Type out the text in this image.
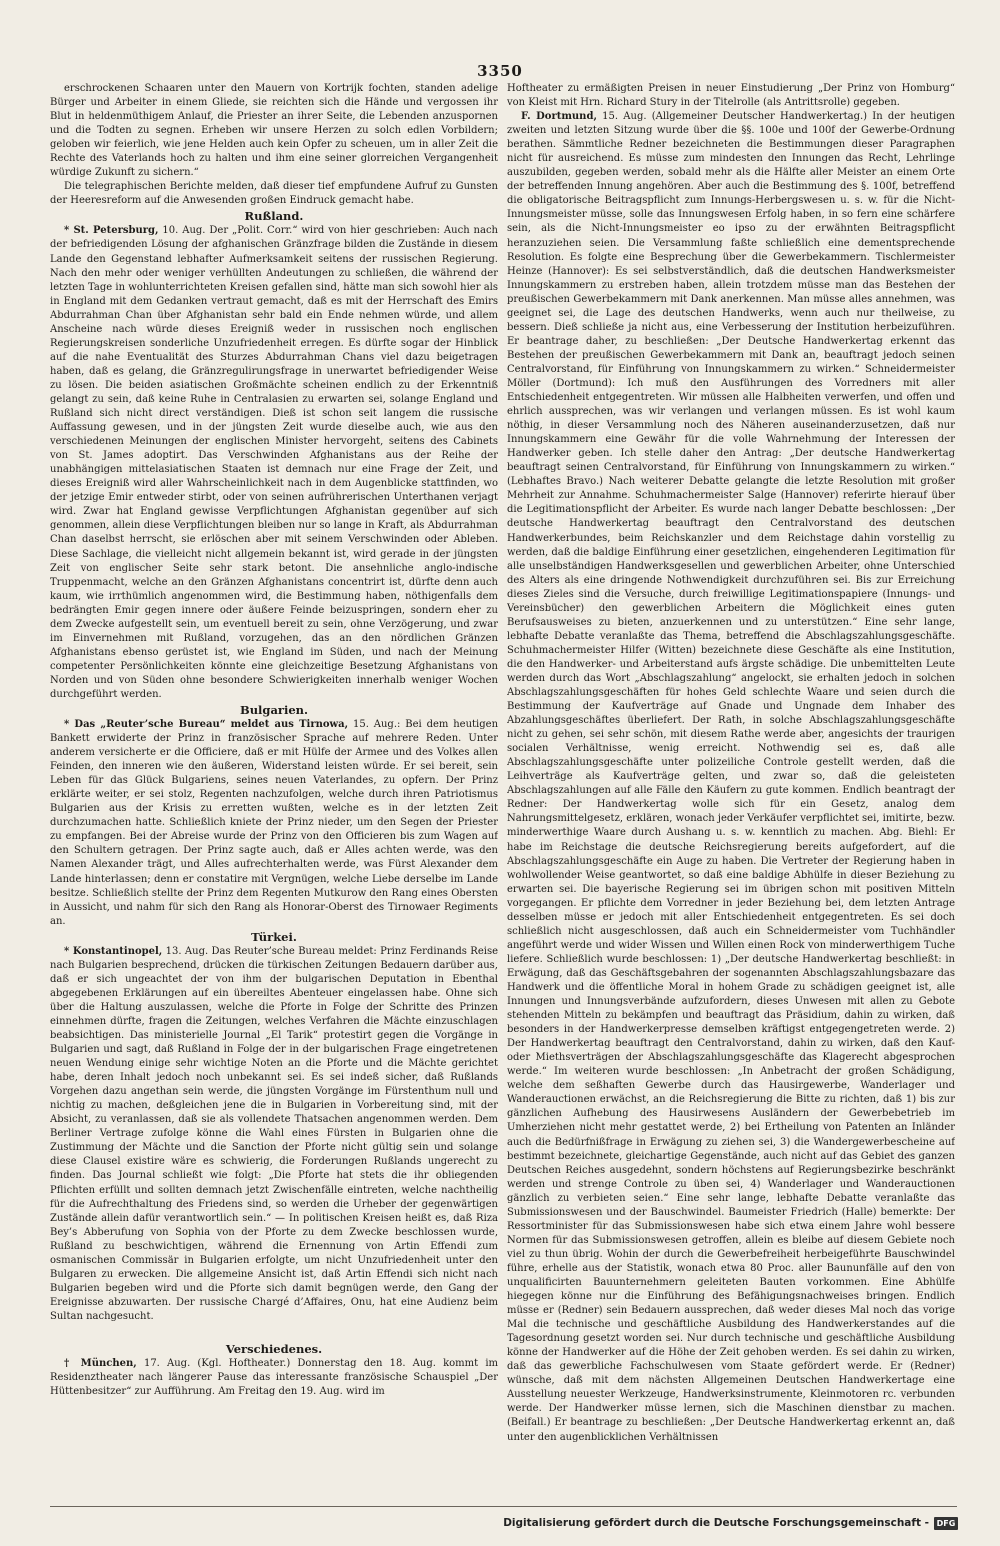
3350

erschrockenen Schaaren unter den Mauern von Kortrijk fochten, standen adelige Bürger und Arbeiter in einem Gliede, sie reichten sich die Hände und vergossen ihr Blut in heldenmüthigem Anlauf, die Priester an ihrer Seite, die Lebenden anzuspornen und die Todten zu segnen. Erheben wir unsere Herzen zu solch edlen Vorbildern; geloben wir feierlich, wie jene Helden auch kein Opfer zu scheuen, um in aller Zeit die Rechte des Vaterlands hoch zu halten und ihm eine seiner glorreichen Vergangenheit würdige Zukunft zu sichern.“

Die telegraphischen Berichte melden, daß dieser tief empfundene Aufruf zu Gunsten der Heeresreform auf die Anwesenden großen Eindruck gemacht habe.

Rußland.

* St. Petersburg, 10. Aug. Der „Polit. Corr.“ wird von hier geschrieben: Auch nach der befriedigenden Lösung der afghanischen Gränzfrage bilden die Zustände in diesem Lande den Gegenstand lebhafter Aufmerksamkeit seitens der russischen Regierung. Nach den mehr oder weniger verhüllten Andeutungen zu schließen, die während der letzten Tage in wohlunterrichteten Kreisen gefallen sind, hätte man sich sowohl hier als in England mit dem Gedanken vertraut gemacht, daß es mit der Herrschaft des Emirs Abdurrahman Chan über Afghanistan sehr bald ein Ende nehmen würde, und allem Anscheine nach würde dieses Ereigniß weder in russischen noch englischen Regierungskreisen sonderliche Unzufriedenheit erregen. Es dürfte sogar der Hinblick auf die nahe Eventualität des Sturzes Abdurrahman Chans viel dazu beigetragen haben, daß es gelang, die Gränzregulirungsfrage in unerwartet befriedigender Weise zu lösen. Die beiden asiatischen Großmächte scheinen endlich zu der Erkenntniß gelangt zu sein, daß keine Ruhe in Centralasien zu erwarten sei, solange England und Rußland sich nicht direct verständigen. Dieß ist schon seit langem die russische Auffassung gewesen, und in der jüngsten Zeit wurde dieselbe auch, wie aus den verschiedenen Meinungen der englischen Minister hervorgeht, seitens des Cabinets von St. James adoptirt. Das Verschwinden Afghanistans aus der Reihe der unabhängigen mittelasiatischen Staaten ist demnach nur eine Frage der Zeit, und dieses Ereigniß wird aller Wahrscheinlichkeit nach in dem Augenblicke stattfinden, wo der jetzige Emir entweder stirbt, oder von seinen aufrührerischen Unterthanen verjagt wird. Zwar hat England gewisse Verpflichtungen Afghanistan gegenüber auf sich genommen, allein diese Verpflichtungen bleiben nur so lange in Kraft, als Abdurrahman Chan daselbst herrscht, sie erlöschen aber mit seinem Verschwinden oder Ableben. Diese Sachlage, die vielleicht nicht allgemein bekannt ist, wird gerade in der jüngsten Zeit von englischer Seite sehr stark betont. Die ansehnliche anglo-indische Truppenmacht, welche an den Gränzen Afghanistans concentrirt ist, dürfte denn auch kaum, wie irrthümlich angenommen wird, die Bestimmung haben, nöthigenfalls dem bedrängten Emir gegen innere oder äußere Feinde beizuspringen, sondern eher zu dem Zwecke aufgestellt sein, um eventuell bereit zu sein, ohne Verzögerung, und zwar im Einvernehmen mit Rußland, vorzugehen, das an den nördlichen Gränzen Afghanistans ebenso gerüstet ist, wie England im Süden, und nach der Meinung competenter Persönlichkeiten könnte eine gleichzeitige Besetzung Afghanistans von Norden und von Süden ohne besondere Schwierigkeiten innerhalb weniger Wochen durchgeführt werden.

Bulgarien.

* Das „Reuter’sche Bureau“ meldet aus Tirnowa, 15. Aug.: Bei dem heutigen Bankett erwiderte der Prinz in französischer Sprache auf mehrere Reden. Unter anderem versicherte er die Officiere, daß er mit Hülfe der Armee und des Volkes allen Feinden, den inneren wie den äußeren, Widerstand leisten würde. Er sei bereit, sein Leben für das Glück Bulgariens, seines neuen Vaterlandes, zu opfern. Der Prinz erklärte weiter, er sei stolz, Regenten nachzufolgen, welche durch ihren Patriotismus Bulgarien aus der Krisis zu erretten wußten, welche es in der letzten Zeit durchzumachen hatte. Schließlich kniete der Prinz nieder, um den Segen der Priester zu empfangen. Bei der Abreise wurde der Prinz von den Officieren bis zum Wagen auf den Schultern getragen. Der Prinz sagte auch, daß er Alles achten werde, was den Namen Alexander trägt, und Alles aufrechterhalten werde, was Fürst Alexander dem Lande hinterlassen; denn er constatire mit Vergnügen, welche Liebe derselbe im Lande besitze. Schließlich stellte der Prinz dem Regenten Mutkurow den Rang eines Obersten in Aussicht, und nahm für sich den Rang als Honorar-Oberst des Tirnowaer Regiments an.

Türkei.

* Konstantinopel, 13. Aug. Das Reuter’sche Bureau meldet: Prinz Ferdinands Reise nach Bulgarien besprechend, drücken die türkischen Zeitungen Bedauern darüber aus, daß er sich ungeachtet der von ihm der bulgarischen Deputation in Ebenthal abgegebenen Erklärungen auf ein übereiltes Abenteuer eingelassen habe. Ohne sich über die Haltung auszulassen, welche die Pforte in Folge der Schritte des Prinzen einnehmen dürfte, fragen die Zeitungen, welches Verfahren die Mächte einzuschlagen beabsichtigen. Das ministerielle Journal „El Tarik“ protestirt gegen die Vorgänge in Bulgarien und sagt, daß Rußland in Folge der in der bulgarischen Frage eingetretenen neuen Wendung einige sehr wichtige Noten an die Pforte und die Mächte gerichtet habe, deren Inhalt jedoch noch unbekannt sei. Es sei indeß sicher, daß Rußlands Vorgehen dazu angethan sein werde, die jüngsten Vorgänge im Fürstenthum null und nichtig zu machen, deßgleichen jene die in Bulgarien in Vorbereitung sind, mit der Absicht, zu veranlassen, daß sie als vollendete Thatsachen angenommen werden. Dem Berliner Vertrage zufolge könne die Wahl eines Fürsten in Bulgarien ohne die Zustimmung der Mächte und die Sanction der Pforte nicht gültig sein und solange diese Clausel existire wäre es schwierig, die Forderungen Rußlands ungerecht zu finden. Das Journal schließt wie folgt: „Die Pforte hat stets die ihr obliegenden Pflichten erfüllt und sollten demnach jetzt Zwischenfälle eintreten, welche nachtheilig für die Aufrechthaltung des Friedens sind, so werden die Urheber der gegenwärtigen Zustände allein dafür verantwortlich sein.“ — In politischen Kreisen heißt es, daß Riza Bey’s Abberufung von Sophia von der Pforte zu dem Zwecke beschlossen wurde, Rußland zu beschwichtigen, während die Ernennung von Artin Effendi zum osmanischen Commissär in Bulgarien erfolgte, um nicht Unzufriedenheit unter den Bulgaren zu erwecken. Die allgemeine Ansicht ist, daß Artin Effendi sich nicht nach Bulgarien begeben wird und die Pforte sich damit begnügen werde, den Gang der Ereignisse abzuwarten. Der russische Chargé d’Affaires, Onu, hat eine Audienz beim Sultan nachgesucht.

Verschiedenes.

† München, 17. Aug. (Kgl. Hoftheater.) Donnerstag den 18. Aug. kommt im Residenztheater nach längerer Pause das interessante französische Schauspiel „Der Hüttenbesitzer“ zur Aufführung. Am Freitag den 19. Aug. wird im

Hoftheater zu ermäßigten Preisen in neuer Einstudierung „Der Prinz von Homburg“ von Kleist mit Hrn. Richard Stury in der Titelrolle (als Antrittsrolle) gegeben.

F. Dortmund, 15. Aug. (Allgemeiner Deutscher Handwerkertag.) In der heutigen zweiten und letzten Sitzung wurde über die §§. 100e und 100f der Gewerbe-Ordnung berathen. Sämmtliche Redner bezeichneten die Bestimmungen dieser Paragraphen nicht für ausreichend. Es müsse zum mindesten den Innungen das Recht, Lehrlinge auszubilden, gegeben werden, sobald mehr als die Hälfte aller Meister an einem Orte der betreffenden Innung angehören. Aber auch die Bestimmung des §. 100f, betreffend die obligatorische Beitragspflicht zum Innungs-Herbergswesen u. s. w. für die Nicht-Innungsmeister müsse, solle das Innungswesen Erfolg haben, in so fern eine schärfere sein, als die Nicht-Innungsmeister eo ipso zu der erwähnten Beitragspflicht heranzuziehen seien. Die Versammlung faßte schließlich eine dementsprechende Resolution. Es folgte eine Besprechung über die Gewerbekammern. Tischlermeister Heinze (Hannover): Es sei selbstverständlich, daß die deutschen Handwerksmeister Innungskammern zu erstreben haben, allein trotzdem müsse man das Bestehen der preußischen Gewerbekammern mit Dank anerkennen. Man müsse alles annehmen, was geeignet sei, die Lage des deutschen Handwerks, wenn auch nur theilweise, zu bessern. Dieß schließe ja nicht aus, eine Verbesserung der Institution herbeizuführen. Er beantrage daher, zu beschließen: „Der Deutsche Handwerkertag erkennt das Bestehen der preußischen Gewerbekammern mit Dank an, beauftragt jedoch seinen Centralvorstand, für Einführung von Innungskammern zu wirken.“ Schneidermeister Möller (Dortmund): Ich muß den Ausführungen des Vorredners mit aller Entschiedenheit entgegentreten. Wir müssen alle Halbheiten verwerfen, und offen und ehrlich aussprechen, was wir verlangen und verlangen müssen. Es ist wohl kaum nöthig, in dieser Versammlung noch des Näheren auseinanderzusetzen, daß nur Innungskammern eine Gewähr für die volle Wahrnehmung der Interessen der Handwerker geben. Ich stelle daher den Antrag: „Der deutsche Handwerkertag beauftragt seinen Centralvorstand, für Einführung von Innungskammern zu wirken.“ (Lebhaftes Bravo.) Nach weiterer Debatte gelangte die letzte Resolution mit großer Mehrheit zur Annahme. Schuhmachermeister Salge (Hannover) referirte hierauf über die Legitimationspflicht der Arbeiter. Es wurde nach langer Debatte beschlossen: „Der deutsche Handwerkertag beauftragt den Centralvorstand des deutschen Handwerkerbundes, beim Reichskanzler und dem Reichstage dahin vorstellig zu werden, daß die baldige Einführung einer gesetzlichen, eingehenderen Legitimation für alle unselbständigen Handwerksgesellen und gewerblichen Arbeiter, ohne Unterschied des Alters als eine dringende Nothwendigkeit durchzuführen sei. Bis zur Erreichung dieses Zieles sind die Versuche, durch freiwillige Legitimationspapiere (Innungs- und Vereinsbücher) den gewerblichen Arbeitern die Möglichkeit eines guten Berufsausweises zu bieten, anzuerkennen und zu unterstützen.“ Eine sehr lange, lebhafte Debatte veranlaßte das Thema, betreffend die Abschlagszahlungsgeschäfte. Schuhmachermeister Hilfer (Witten) bezeichnete diese Geschäfte als eine Institution, die den Handwerker- und Arbeiterstand aufs ärgste schädige. Die unbemittelten Leute werden durch das Wort „Abschlagszahlung“ angelockt, sie erhalten jedoch in solchen Abschlagszahlungsgeschäften für hohes Geld schlechte Waare und seien durch die Bestimmung der Kaufverträge auf Gnade und Ungnade dem Inhaber des Abzahlungsgeschäftes überliefert. Der Rath, in solche Abschlagszahlungsgeschäfte nicht zu gehen, sei sehr schön, mit diesem Rathe werde aber, angesichts der traurigen socialen Verhältnisse, wenig erreicht. Nothwendig sei es, daß alle Abschlagszahlungsgeschäfte unter polizeiliche Controle gestellt werden, daß die Leihverträge als Kaufverträge gelten, und zwar so, daß die geleisteten Abschlagszahlungen auf alle Fälle den Käufern zu gute kommen. Endlich beantragt der Redner: Der Handwerkertag wolle sich für ein Gesetz, analog dem Nahrungsmittelgesetz, erklären, wonach jeder Verkäufer verpflichtet sei, imitirte, bezw. minderwerthige Waare durch Aushang u. s. w. kenntlich zu machen. Abg. Biehl: Er habe im Reichstage die deutsche Reichsregierung bereits aufgefordert, auf die Abschlagszahlungsgeschäfte ein Auge zu haben. Die Vertreter der Regierung haben in wohlwollender Weise geantwortet, so daß eine baldige Abhülfe in dieser Beziehung zu erwarten sei. Die bayerische Regierung sei im übrigen schon mit positiven Mitteln vorgegangen. Er pflichte dem Vorredner in jeder Beziehung bei, dem letzten Antrage desselben müsse er jedoch mit aller Entschiedenheit entgegentreten. Es sei doch schließlich nicht ausgeschlossen, daß auch ein Schneidermeister vom Tuchhändler angeführt werde und wider Wissen und Willen einen Rock von minderwerthigem Tuche liefere. Schließlich wurde beschlossen: 1) „Der deutsche Handwerkertag beschließt: in Erwägung, daß das Geschäftsgebahren der sogenannten Abschlagszahlungsbazare das Handwerk und die öffentliche Moral in hohem Grade zu schädigen geeignet ist, alle Innungen und Innungsverbände aufzufordern, dieses Unwesen mit allen zu Gebote stehenden Mitteln zu bekämpfen und beauftragt das Präsidium, dahin zu wirken, daß besonders in der Handwerkerpresse demselben kräftigst entgegengetreten werde. 2) Der Handwerkertag beauftragt den Centralvorstand, dahin zu wirken, daß den Kauf- oder Miethsverträgen der Abschlagszahlungsgeschäfte das Klagerecht abgesprochen werde.“ Im weiteren wurde beschlossen: „In Anbetracht der großen Schädigung, welche dem seßhaften Gewerbe durch das Hausirgewerbe, Wanderlager und Wanderauctionen erwächst, an die Reichsregierung die Bitte zu richten, daß 1) bis zur gänzlichen Aufhebung des Hausirwesens Ausländern der Gewerbebetrieb im Umherziehen nicht mehr gestattet werde, 2) bei Ertheilung von Patenten an Inländer auch die Bedürfnißfrage in Erwägung zu ziehen sei, 3) die Wandergewerbescheine auf bestimmt bezeichnete, gleichartige Gegenstände, auch nicht auf das Gebiet des ganzen Deutschen Reiches ausgedehnt, sondern höchstens auf Regierungsbezirke beschränkt werden und strenge Controle zu üben sei, 4) Wanderlager und Wanderauctionen gänzlich zu verbieten seien.“ Eine sehr lange, lebhafte Debatte veranlaßte das Submissionswesen und der Bauschwindel. Baumeister Friedrich (Halle) bemerkte: Der Ressortminister für das Submissionswesen habe sich etwa einem Jahre wohl bessere Normen für das Submissionswesen getroffen, allein es bleibe auf diesem Gebiete noch viel zu thun übrig. Wohin der durch die Gewerbefreiheit herbeigeführte Bauschwindel führe, erhelle aus der Statistik, wonach etwa 80 Proc. aller Baununfälle auf den von unqualificirten Bauunternehmern geleiteten Bauten vorkommen. Eine Abhülfe hiegegen könne nur die Einführung des Befähigungsnachweises bringen. Endlich müsse er (Redner) sein Bedauern aussprechen, daß weder dieses Mal noch das vorige Mal die technische und geschäftliche Ausbildung des Handwerkerstandes auf die Tagesordnung gesetzt worden sei. Nur durch technische und geschäftliche Ausbildung könne der Handwerker auf die Höhe der Zeit gehoben werden. Es sei dahin zu wirken, daß das gewerbliche Fachschulwesen vom Staate gefördert werde. Er (Redner) wünsche, daß mit dem nächsten Allgemeinen Deutschen Handwerkertage eine Ausstellung neuester Werkzeuge, Handwerksinstrumente, Kleinmotoren rc. verbunden werde. Der Handwerker müsse lernen, sich die Maschinen dienstbar zu machen. (Beifall.) Er beantrage zu beschließen: „Der Deutsche Handwerkertag erkennt an, daß unter den augenblicklichen Verhältnissen

Digitalisierung gefördert durch die Deutsche Forschungsgemeinschaft - DFG
